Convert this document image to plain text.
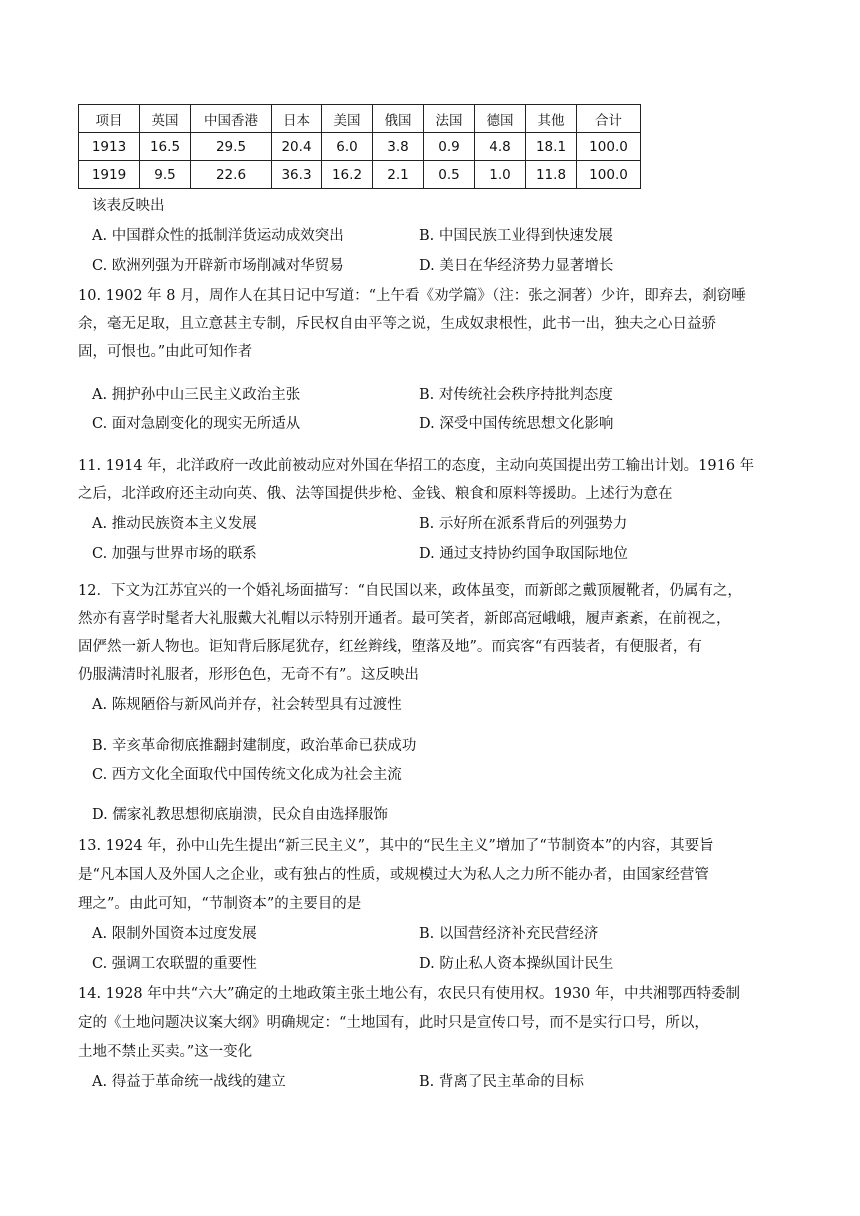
项目	英国	中国香港	日本	美国	俄国	法国	德国	其他	合计
1913	16.5	29.5	20.4	6.0	3.8	0.9	4.8	18.1	100.0
1919	9.5	22.6	36.3	16.2	2.1	0.5	1.0	11.8	100.0
该表反映出
A. 中国群众性的抵制洋货运动成效突出	B. 中国民族工业得到快速发展
C. 欧洲列强为开辟新市场削减对华贸易	D. 美日在华经济势力显著增长
10. 1902 年 8 月，周作人在其日记中写道：“上午看《劝学篇》（注：张之洞著）少许，即弃去，刹窃唾
余，毫无足取，且立意甚主专制，斥民权自由平等之说，生成奴隶根性，此书一出，独夫之心日益骄
固，可恨也。”由此可知作者
A. 拥护孙中山三民主义政治主张	B. 对传统社会秩序持批判态度
C. 面对急剧变化的现实无所适从	D. 深受中国传统思想文化影响
11. 1914 年，北洋政府一改此前被动应对外国在华招工的态度，主动向英国提出劳工输出计划。1916 年
之后，北洋政府还主动向英、俄、法等国提供步枪、金钱、粮食和原料等援助。上述行为意在
A. 推动民族资本主义发展	B. 示好所在派系背后的列强势力
C. 加强与世界市场的联系	D. 通过支持协约国争取国际地位
12．下文为江苏宜兴的一个婚礼场面描写：“自民国以来，政体虽变，而新郎之戴顶履靴者，仍属有之，
然亦有喜学时髦者大礼服戴大礼帽以示特别开通者。最可笑者，新郎高冠峨峨，履声紊紊，在前视之，
固俨然一新人物也。讵知背后豚尾犹存，红丝辫线，堕落及地”。而宾客“有西装者，有便服者，有
仍服满清时礼服者，形形色色，无奇不有”。这反映出
A. 陈规陋俗与新风尚并存，社会转型具有过渡性
B. 辛亥革命彻底推翻封建制度，政治革命已获成功
C. 西方文化全面取代中国传统文化成为社会主流
D. 儒家礼教思想彻底崩溃，民众自由选择服饰
13. 1924 年，孙中山先生提出“新三民主义”，其中的“民生主义”增加了“节制资本”的内容，其要旨
是“凡本国人及外国人之企业，或有独占的性质，或规模过大为私人之力所不能办者，由国家经营管
理之”。由此可知，“节制资本”的主要目的是
A. 限制外国资本过度发展	B. 以国营经济补充民营经济
C. 强调工农联盟的重要性	D. 防止私人资本操纵国计民生
14. 1928 年中共“六大”确定的土地政策主张土地公有，农民只有使用权。1930 年，中共湘鄂西特委制
定的《土地问题决议案大纲》明确规定：“土地国有，此时只是宣传口号，而不是实行口号，所以，
土地不禁止买卖。”这一变化
A. 得益于革命统一战线的建立	B. 背离了民主革命的目标
